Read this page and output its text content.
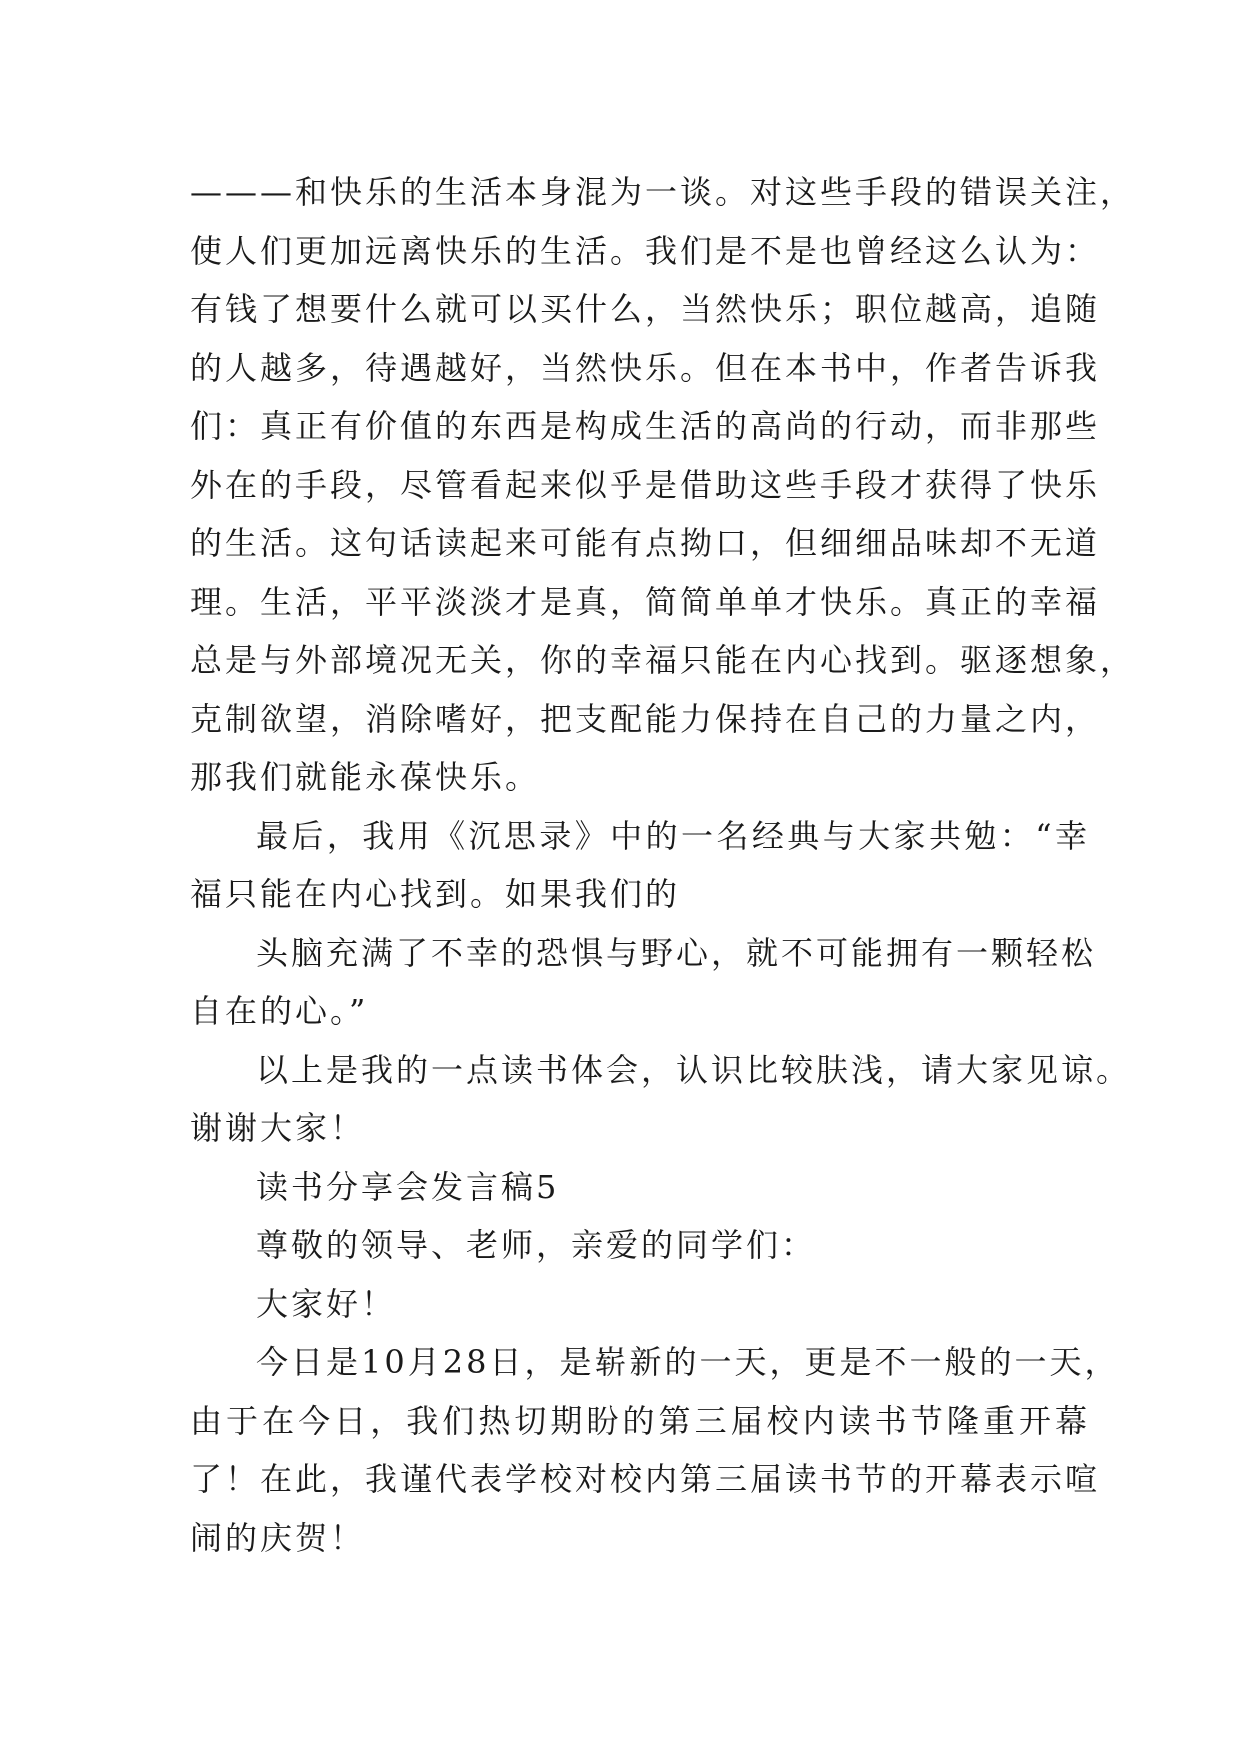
———和快乐的生活本身混为一谈。对这些手段的错误关注，
使人们更加远离快乐的生活。我们是不是也曾经这么认为：
有钱了想要什么就可以买什么，当然快乐；职位越高，追随
的人越多，待遇越好，当然快乐。但在本书中，作者告诉我
们：真正有价值的东西是构成生活的高尚的行动，而非那些
外在的手段，尽管看起来似乎是借助这些手段才获得了快乐
的生活。这句话读起来可能有点拗口，但细细品味却不无道
理。生活，平平淡淡才是真，简简单单才快乐。真正的幸福
总是与外部境况无关，你的幸福只能在内心找到。驱逐想象，
克制欲望，消除嗜好，把支配能力保持在自己的力量之内，
那我们就能永葆快乐。
最后，我用《沉思录》中的一名经典与大家共勉：“幸
福只能在内心找到。如果我们的
头脑充满了不幸的恐惧与野心，就不可能拥有一颗轻松
自在的心。”
以上是我的一点读书体会，认识比较肤浅，请大家见谅。
谢谢大家！
读书分享会发言稿5
尊敬的领导、老师，亲爱的同学们：
大家好！
今日是10月28日，是崭新的一天，更是不一般的一天，
由于在今日，我们热切期盼的第三届校内读书节隆重开幕
了！在此，我谨代表学校对校内第三届读书节的开幕表示喧
闹的庆贺！
